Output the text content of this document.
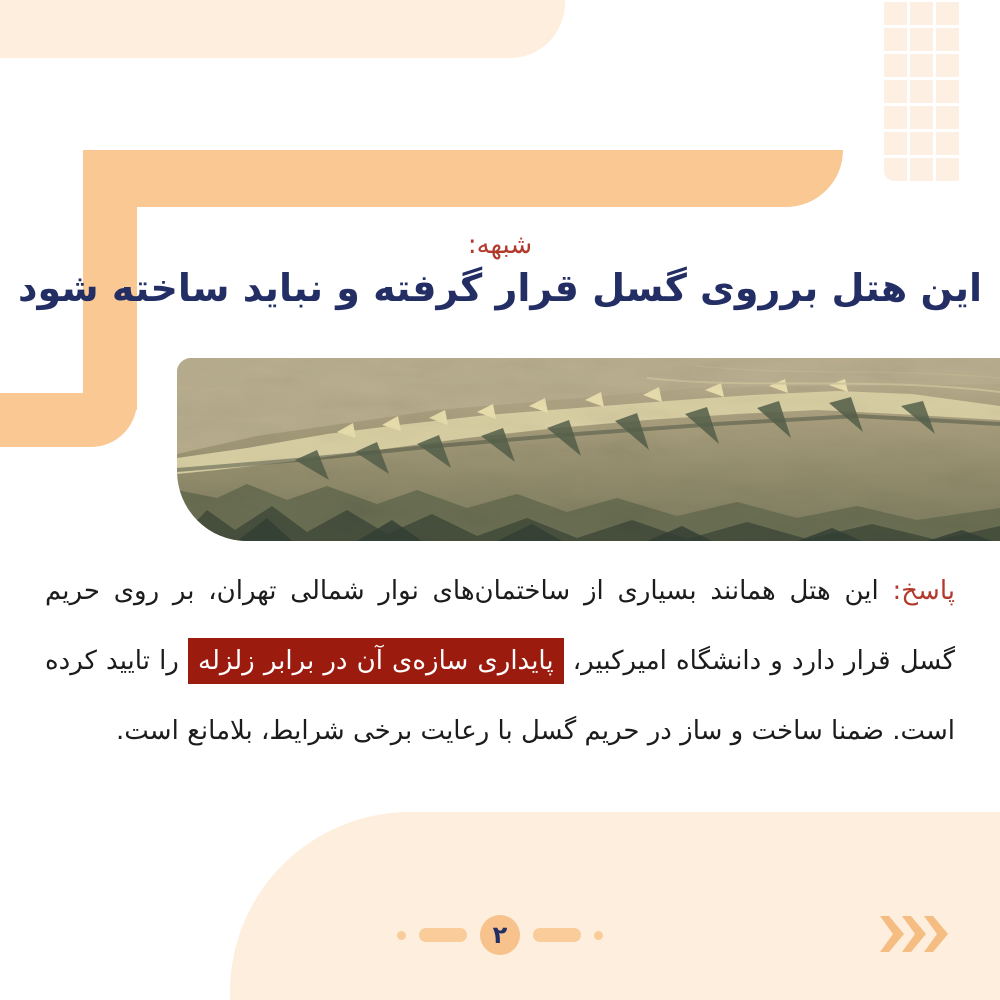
شبهه:
این هتل برروی گسل قرار گرفته و نباید ساخته شود
پاسخ: این هتل همانند بسیاری از ساختمان‌های نوار شمالی تهران، بر روی حریم
گسل قرار دارد و دانشگاه امیرکبیر، پایداری سازه‌ی آن در برابر زلزله را تایید کرده
است. ضمنا ساخت و ساز در حریم گسل با رعایت برخی شرایط، بلامانع است.
۲
